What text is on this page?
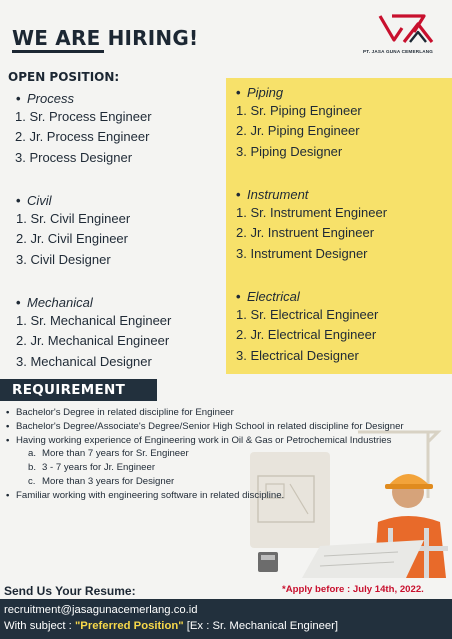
WE ARE HIRING!
PT. JASA GUNA CEMERLANG
OPEN POSITION:
• Process
1. Sr. Process Engineer
2. Jr. Process Engineer
3. Process Designer
• Civil
1. Sr. Civil Engineer
2. Jr. Civil Engineer
3. Civil Designer
• Mechanical
1. Sr. Mechanical Engineer
2. Jr. Mechanical Engineer
3. Mechanical Designer
• Piping
1. Sr. Piping Engineer
2. Jr. Piping Engineer
3. Piping Designer
• Instrument
1. Sr. Instrument Engineer
2. Jr. Instruent Engineer
3. Instrument Designer
• Electrical
1. Sr. Electrical Engineer
2. Jr. Electrical Engineer
3. Electrical Designer
REQUIREMENT
• Bachelor's Degree in related discipline for Engineer
• Bachelor's Degree/Associate's Degree/Senior High School in related discipline for Designer
• Having working experience of Engineering work in Oil & Gas or Petrochemical Industries
a. More than 7 years for Sr. Engineer
b. 3 - 7 years for Jr. Engineer
c. More than 3 years for Designer
• Familiar working with engineering software in related discipline.
Send Us Your Resume:	*Apply before : July 14th, 2022.
recruitment@jasagunacemerlang.co.id
With subject : "Preferred Position" [Ex : Sr. Mechanical Engineer]
